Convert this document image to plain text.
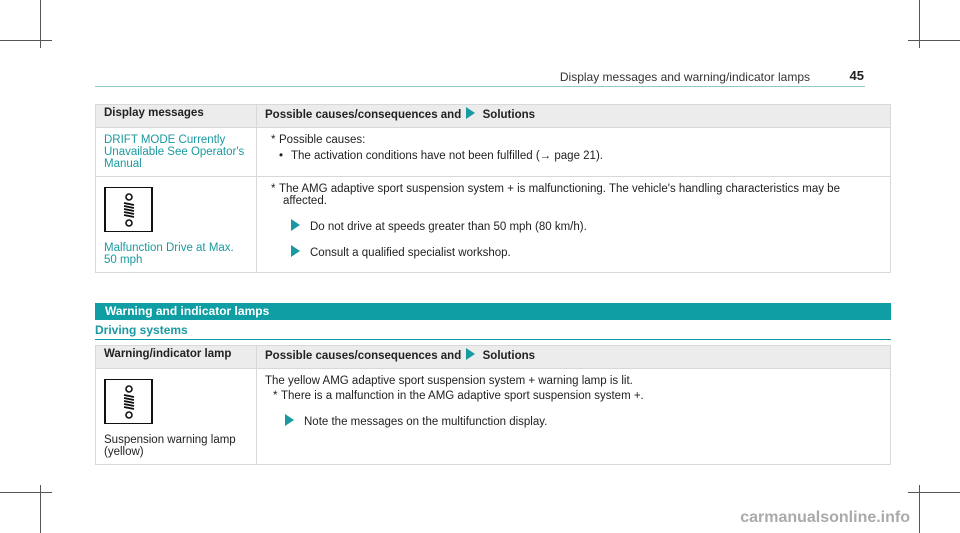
Display messages and warning/indicator lamps	45
Display messages	Possible causes/consequences and Solutions
DRIFT MODE Currently Unavailable See Operator's Manual	* Possible causes:
• The activation conditions have not been fulfilled (→ page 21).

Malfunction Drive at Max. 50 mph	* The AMG adaptive sport suspension system + is malfunctioning. The vehicle's handling characteristics may be
affected.
Do not drive at speeds greater than 50 mph (80 km/h).
Consult a qualified specialist workshop.
Warning and indicator lamps
Driving systems
Warning/indicator lamp	Possible causes/consequences and Solutions

Suspension warning lamp (yellow)	The yellow AMG adaptive sport suspension system + warning lamp is lit.
* There is a malfunction in the AMG adaptive sport suspension system +.
Note the messages on the multifunction display.
carmanualsonline.info
